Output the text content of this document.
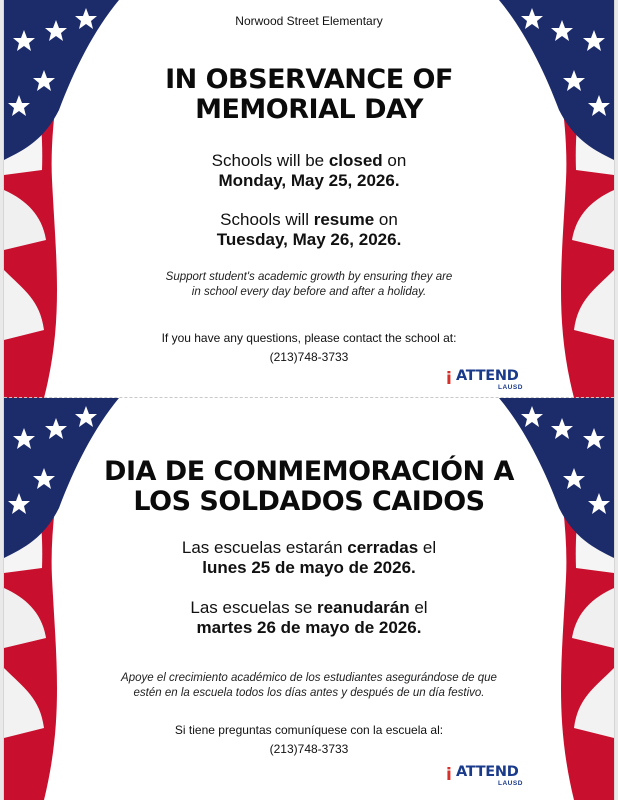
Norwood Street Elementary
IN OBSERVANCE OF
MEMORIAL DAY
Schools will be closed on
Monday, May 25, 2026.
Schools will resume on
Tuesday, May 26, 2026.
Support student's academic growth by ensuring they are
in school every day before and after a holiday.
If you have any questions, please contact the school at:
(213)748-3733
i ATTEND
LAUSD
DIA DE CONMEMORACIÓN A
LOS SOLDADOS CAIDOS
Las escuelas estarán cerradas el
lunes 25 de mayo de 2026.
Las escuelas se reanudarán el
martes 26 de mayo de 2026.
Apoye el crecimiento académico de los estudiantes asegurándose de que
estén en la escuela todos los días antes y después de un día festivo.
Si tiene preguntas comuníquese con la escuela al:
(213)748-3733
i ATTEND
LAUSD
